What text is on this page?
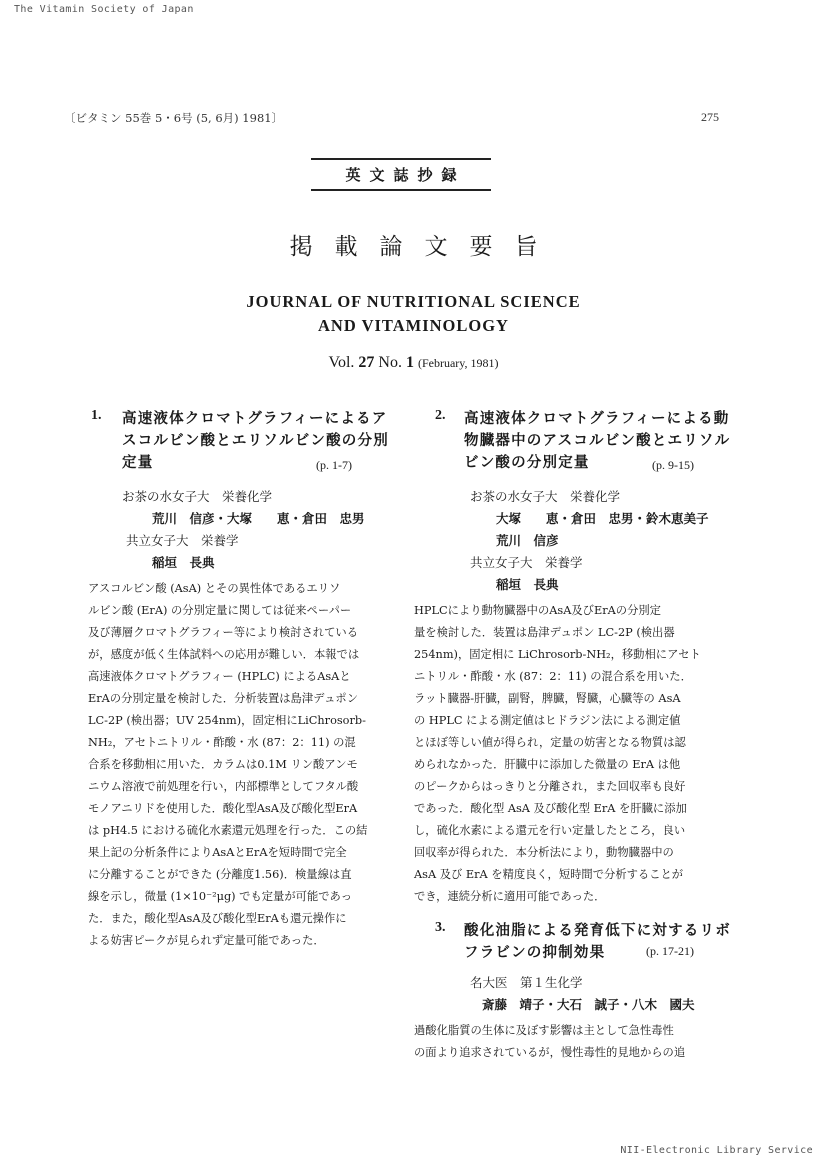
The Vitamin Society of Japan
〔ビタミン 55巻 5・6号 (5, 6月) 1981〕	275
英文誌抄録
掲載論文要旨
JOURNAL OF NUTRITIONAL SCIENCE
AND VITAMINOLOGY
Vol. 27 No. 1 (February, 1981)
1. 高速液体クロマトグラフィーによるア
スコルビン酸とエリソルビン酸の分別
定量	(p. 1-7)
お茶の水女子大　栄養化学
荒川　信彦・大塚　　恵・倉田　忠男
共立女子大　栄養学
稲垣　長典
アスコルビン酸 (AsA) とその異性体であるエリソ
ルビン酸 (ErA) の分別定量に関しては従来ペーパー
及び薄層クロマトグラフィー等により検討されている
が，感度が低く生体試料への応用が難しい．本報では
高速液体クロマトグラフィー (HPLC) によるAsAと
ErAの分別定量を検討した．分析装置は島津デュポン
LC-2P (検出器；UV 254nm)，固定相にLiChrosorb-
NH₂，アセトニトリル・酢酸・水 (87：2：11) の混
合系を移動相に用いた．カラムは0.1M リン酸アンモ
ニウム溶液で前処理を行い，内部標準としてフタル酸
モノアニリドを使用した．酸化型AsA及び酸化型ErA
は pH4.5 における硫化水素還元処理を行った．この結
果上記の分析条件によりAsAとErAを短時間で完全
に分離することができた (分離度1.56)．検量線は直
線を示し，微量 (1×10⁻²μg) でも定量が可能であっ
た．また，酸化型AsA及び酸化型ErAも還元操作に
よる妨害ピークが見られず定量可能であった．
2. 高速液体クロマトグラフィーによる動
物臓器中のアスコルビン酸とエリソル
ビン酸の分別定量	(p. 9-15)
お茶の水女子大　栄養化学
大塚　　恵・倉田　忠男・鈴木恵美子
荒川　信彦
共立女子大　栄養学
稲垣　長典
HPLCにより動物臓器中のAsA及びErAの分別定
量を検討した．装置は島津デュポン LC-2P (検出器
254nm)，固定相に LiChrosorb-NH₂，移動相にアセト
ニトリル・酢酸・水 (87：2：11) の混合系を用いた．
ラット臓器-肝臓，副腎，脾臓，腎臓，心臓等の AsA
の HPLC による測定値はヒドラジン法による測定値
とほぼ等しい値が得られ，定量の妨害となる物質は認
められなかった．肝臓中に添加した微量の ErA は他
のピークからはっきりと分離され，また回収率も良好
であった．酸化型 AsA 及び酸化型 ErA を肝臓に添加
し，硫化水素による還元を行い定量したところ，良い
回収率が得られた．本分析法により，動物臓器中の
AsA 及び ErA を精度良く，短時間で分析することが
でき，連続分析に適用可能であった．
3. 酸化油脂による発育低下に対するリボ
フラビンの抑制効果	(p. 17-21)
名大医　第１生化学
斎藤　靖子・大石　誠子・八木　國夫
過酸化脂質の生体に及ぼす影響は主として急性毒性
の面より追求されているが，慢性毒性的見地からの追
NII-Electronic Library Service
